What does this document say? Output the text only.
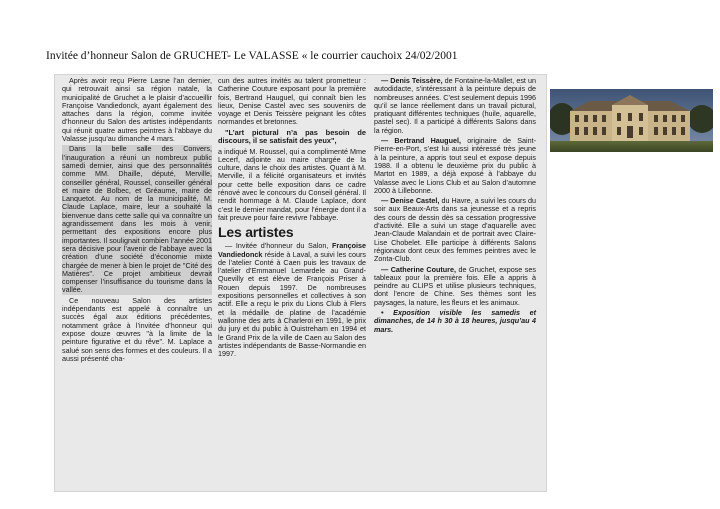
Invitée d’honneur Salon de GRUCHET- Le VALASSE « le courrier cauchoix 24/02/2001

Après avoir reçu Pierre Lasne l’an dernier, qui retrouvait ainsi sa région natale, la municipalité de Gruchet a le plaisir d’accueillir Françoise Vandiedonck, ayant également des attaches dans la région, comme invitée d’honneur du Salon des artistes indépendants qui réunit quatre autres peintres à l’abbaye du Valasse jusqu’au dimanche 4 mars.

Dans la belle salle des Convers, l’inauguration a réuni un nombreux public samedi dernier, ainsi que des personnalités comme MM. Dhaille, député, Merville, conseiller général, Roussel, conseiller général et maire de Bolbec, et Gréaume, maire de Lanquetot. Au nom de la municipalité, M. Claude Laplace, maire, leur a souhaité la bienvenue dans cette salle qui va connaître un agrandissement dans les mois à venir, permettant des expositions encore plus importantes. Il soulignait combien l’année 2001 sera décisive pour l’avenir de l’abbaye avec la création d’une société d’économie mixte chargée de mener à bien le projet de "Cité des Matières". Ce projet ambitieux devrait compenser l’insuffisance du tourisme dans la vallée.

Ce nouveau Salon des artistes indépendants est appelé à connaître un succès égal aux éditions précédentes, notamment grâce à l’invitée d’honneur qui expose douze œuvres "à la limite de la peinture figurative et du rêve". M. Laplace a salué son sens des formes et des couleurs. Il a aussi présenté cha-

cun des autres invités au talent prometteur : Catherine Couture exposant pour la première fois, Bertrand Hauguel, qui connaît bien les lieux, Denise Castel avec ses souvenirs de voyage et Denis Teissère peignant les côtes normandes et bretonnes.

"L’art pictural n’a pas besoin de discours, il se satisfait des yeux",

a indiqué M. Roussel, qui a complimenté Mme Lecerf, adjointe au maire chargée de la culture, dans le choix des artistes. Quant à M. Merville, il a félicité organisateurs et invités pour cette belle exposition dans ce cadre rénové avec le concours du Conseil général. Il rendit hommage à M. Claude Laplace, dont c’est le dernier mandat, pour l’énergie dont il a fait preuve pour faire revivre l’abbaye.

Les artistes

— Invitée d’honneur du Salon, Françoise Vandiedonck réside à Laval, a suivi les cours de l’atelier Conté à Caen puis les travaux de l’atelier d’Emmanuel Lemardele au Grand-Quevilly et est élève de François Priser à Rouen depuis 1997. De nombreuses expositions personnelles et collectives à son actif. Elle a reçu le prix du Lions Club à Flers et la médaille de platine de l’académie wallonne des arts à Charleroi en 1991, le prix du jury et du public à Ouistreham en 1994 et le Grand Prix de la ville de Caen au Salon des artistes indépendants de Basse-Normandie en 1997.

— Denis Teissère, de Fontaine-la-Mallet, est un autodidacte, s’intéressant à la peinture depuis de nombreuses années. C’est seulement depuis 1996 qu’il se lance réellement dans un travail pictural, pratiquant différentes techniques (huile, aquarelle, pastel sec). Il a participé à différents Salons dans la région.

— Bertrand Hauguel, originaire de Saint-Pierre-en-Port, s’est lui aussi intéressé très jeune à la peinture, a appris tout seul et expose depuis 1988. Il a obtenu le deuxième prix du public à Martot en 1989, a déjà exposé à l’abbaye du Valasse avec le Lions Club et au Salon d’automne 2000 à Lillebonne.

— Denise Castel, du Havre, a suivi les cours du soir aux Beaux-Arts dans sa jeunesse et a repris des cours de dessin dès sa cessation progressive d’activité. Elle a suivi un stage d’aquarelle avec Jean-Claude Malandain et de portrait avec Claire-Lise Chobelet. Elle participe à différents Salons régionaux dont ceux des femmes peintres avec le Zonta-Club.

— Catherine Couture, de Gruchet, expose ses tableaux pour la première fois. Elle a appris à peindre au CLIPS et utilise plusieurs techniques, dont l’encre de Chine. Ses thèmes sont les paysages, la nature, les fleurs et les animaux.

• Exposition visible les samedis et dimanches, de 14 h 30 à 18 heures, jusqu’au 4 mars.
